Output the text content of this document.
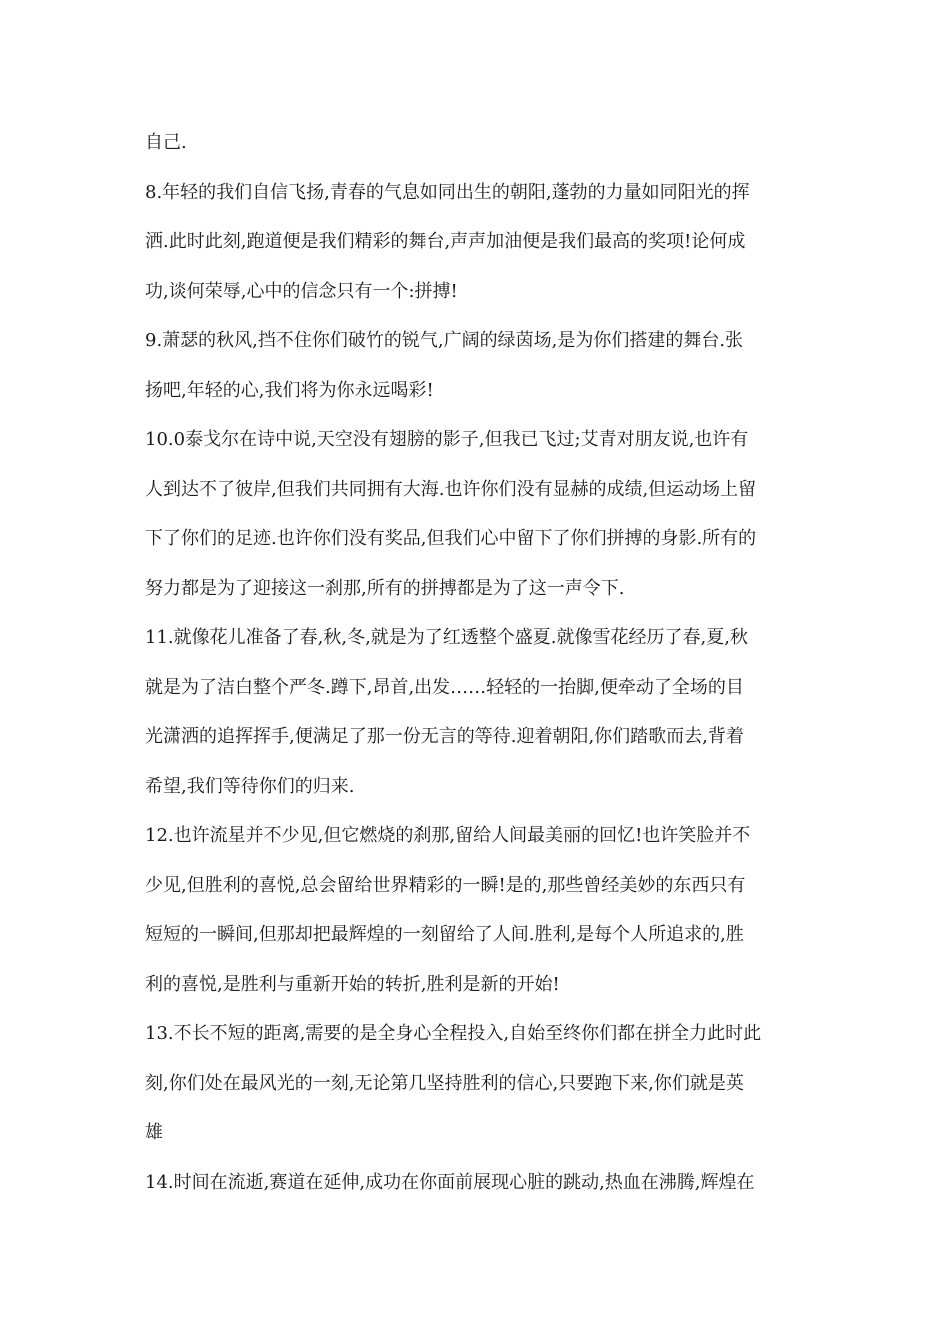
自己.
8.年轻的我们自信飞扬,青春的气息如同出生的朝阳,蓬勃的力量如同阳光的挥
洒.此时此刻,跑道便是我们精彩的舞台,声声加油便是我们最高的奖项!论何成
功,谈何荣辱,心中的信念只有一个:拼搏!
9.萧瑟的秋风,挡不住你们破竹的锐气,广阔的绿茵场,是为你们搭建的舞台.张
扬吧,年轻的心,我们将为你永远喝彩!
10.0泰戈尔在诗中说,天空没有翅膀的影子,但我已飞过;艾青对朋友说,也许有
人到达不了彼岸,但我们共同拥有大海.也许你们没有显赫的成绩,但运动场上留
下了你们的足迹.也许你们没有奖品,但我们心中留下了你们拼搏的身影.所有的
努力都是为了迎接这一刹那,所有的拼搏都是为了这一声令下.
11.就像花儿准备了春,秋,冬,就是为了红透整个盛夏.就像雪花经历了春,夏,秋
就是为了洁白整个严冬.蹲下,昂首,出发……轻轻的一抬脚,便牵动了全场的目
光潇洒的追挥挥手,便满足了那一份无言的等待.迎着朝阳,你们踏歌而去,背着
希望,我们等待你们的归来.
12.也许流星并不少见,但它燃烧的刹那,留给人间最美丽的回忆!也许笑脸并不
少见,但胜利的喜悦,总会留给世界精彩的一瞬!是的,那些曾经美妙的东西只有
短短的一瞬间,但那却把最辉煌的一刻留给了人间.胜利,是每个人所追求的,胜
利的喜悦,是胜利与重新开始的转折,胜利是新的开始!
13.不长不短的距离,需要的是全身心全程投入,自始至终你们都在拼全力此时此
刻,你们处在最风光的一刻,无论第几坚持胜利的信心,只要跑下来,你们就是英
雄
14.时间在流逝,赛道在延伸,成功在你面前展现心脏的跳动,热血在沸腾,辉煌在
